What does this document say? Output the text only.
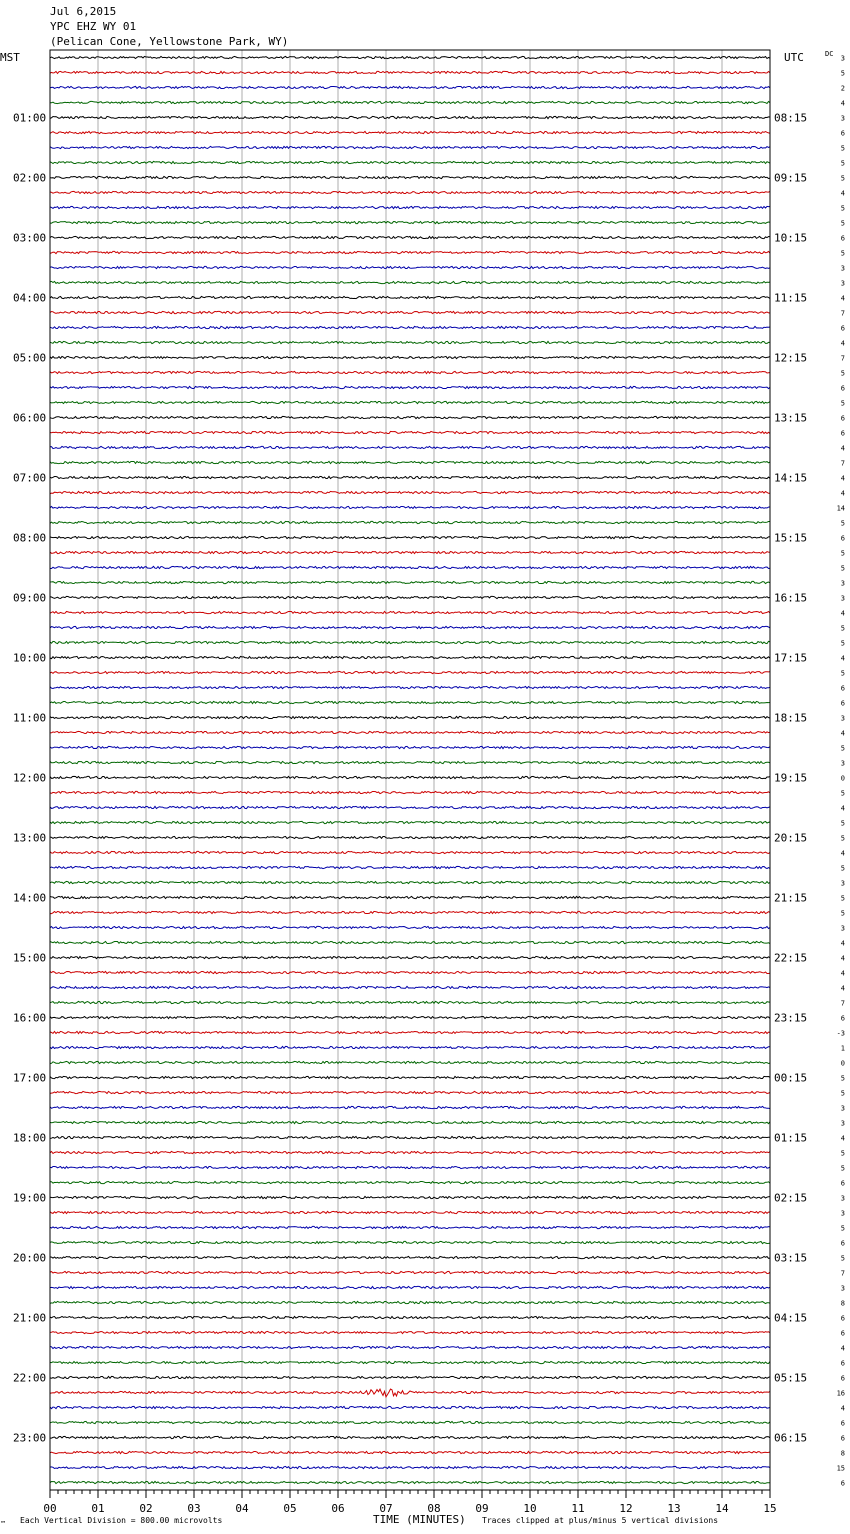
Jul 6,2015
YPC EHZ WY 01
(Pelican Cone, Yellowstone Park, WY)
MST	UTC	DC
01:00
02:00
03:00
04:00
05:00
06:00
07:00
08:00
09:00
10:00
11:00
12:00
13:00
14:00
15:00
16:00
17:00
18:00
19:00
20:00
21:00
22:00
23:00
08:15
09:15
10:15
11:15
12:15
13:15
14:15
15:15
16:15
17:15
18:15
19:15
20:15
21:15
22:15
23:15
00:15
01:15
02:15
03:15
04:15
05:15
06:15
3
5
2
4
3
6
5
5
5
4
5
5
6
5
3
3
4
7
6
4
7
5
6
5
6
6
4
7
4
4
14
5
6
5
5
3
3
4
5
5
4
5
6
6
3
4
5
3
0
5
4
5
5
4
5
3
5
5
3
4
4
4
4
7
6
-3
1
0
5
5
3
3
4
5
5
6
3
3
5
6
5
7
3
8
6
6
4
6
6
16
4
6
6
8
15
6
00	01	02	03	04	05	06	07	08	09	10	11	12	13	14	15
™ Each Vertical Division = 800.00 microvolts	TIME (MINUTES) Traces clipped at plus/minus 5 vertical divisions
